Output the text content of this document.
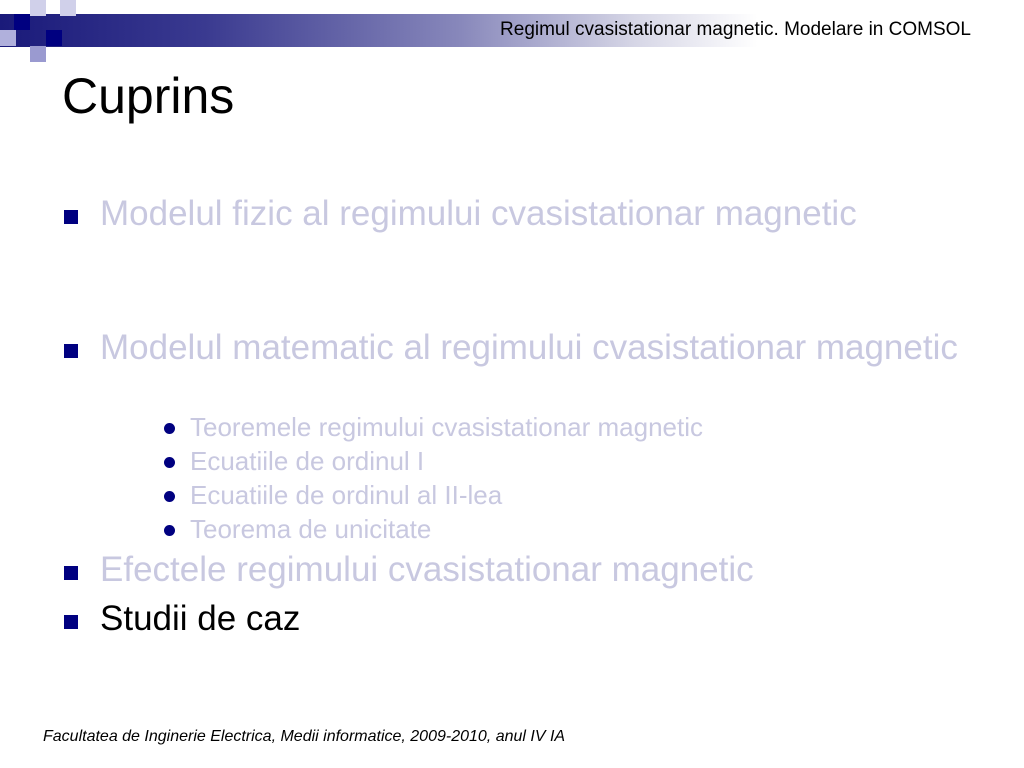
Regimul cvasistationar magnetic. Modelare in COMSOL
Cuprins
Modelul fizic al regimului cvasistationar magnetic
Modelul matematic al regimului cvasistationar magnetic
Teoremele regimului cvasistationar magnetic
Ecuatiile de ordinul I
Ecuatiile de ordinul al II-lea
Teorema de unicitate
Efectele regimului cvasistationar magnetic
Studii de caz
Facultatea de Inginerie Electrica, Medii informatice, 2009-2010, anul IV IA
